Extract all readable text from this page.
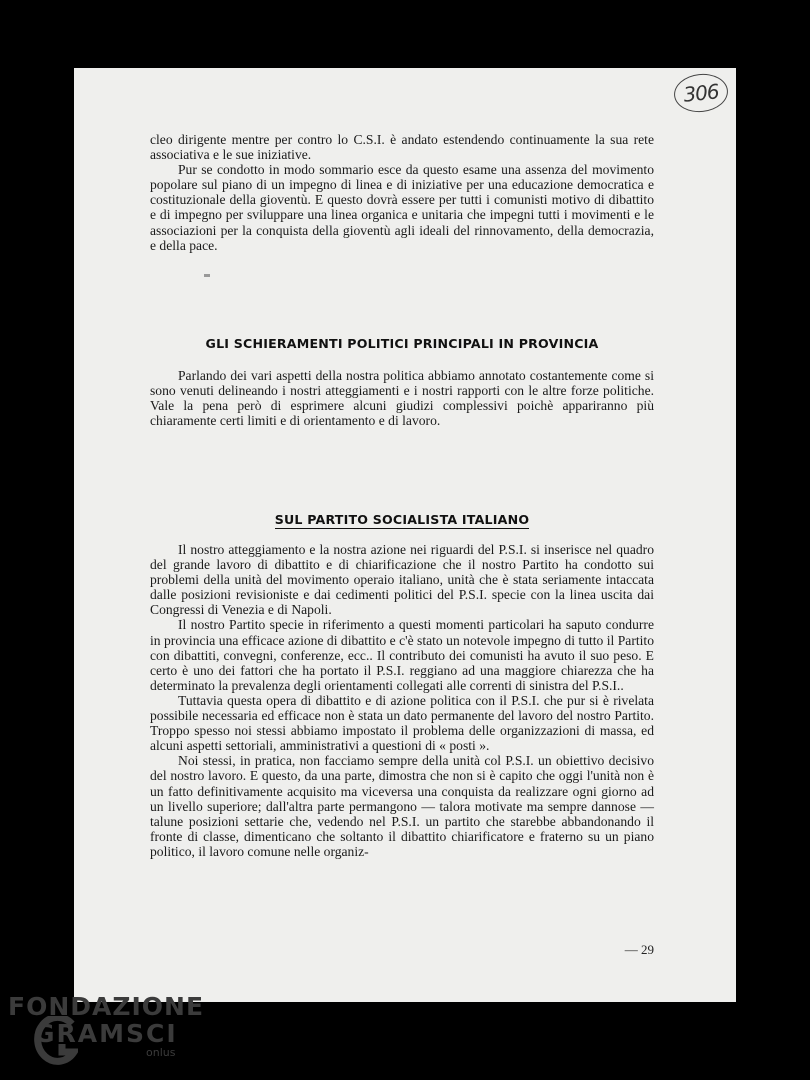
306

cleo dirigente mentre per contro lo C.S.I. è andato estendendo continuamente la sua rete associativa e le sue iniziative.

Pur se condotto in modo sommario esce da questo esame una assenza del movimento popolare sul piano di un impegno di linea e di iniziative per una educazione democratica e costituzionale della gioventù. E questo dovrà essere per tutti i comunisti motivo di dibattito e di impegno per sviluppare una linea organica e unitaria che impegni tutti i movimenti e le associazioni per la conquista della gioventù agli ideali del rinnovamento, della democrazia, e della pace.

GLI SCHIERAMENTI POLITICI PRINCIPALI IN PROVINCIA

Parlando dei vari aspetti della nostra politica abbiamo annotato costantemente come si sono venuti delineando i nostri atteggiamenti e i nostri rapporti con le altre forze politiche. Vale la pena però di esprimere alcuni giudizi complessivi poichè appariranno più chiaramente certi limiti e di orientamento e di lavoro.

SUL PARTITO SOCIALISTA ITALIANO

Il nostro atteggiamento e la nostra azione nei riguardi del P.S.I. si inserisce nel quadro del grande lavoro di dibattito e di chiarificazione che il nostro Partito ha condotto sui problemi della unità del movimento operaio italiano, unità che è stata seriamente intaccata dalle posizioni revisioniste e dai cedimenti politici del P.S.I. specie con la linea uscita dai Congressi di Venezia e di Napoli.

Il nostro Partito specie in riferimento a questi momenti particolari ha saputo condurre in provincia una efficace azione di dibattito e c'è stato un notevole impegno di tutto il Partito con dibattiti, convegni, conferenze, ecc.. Il contributo dei comunisti ha avuto il suo peso. E certo è uno dei fattori che ha portato il P.S.I. reggiano ad una maggiore chiarezza che ha determinato la prevalenza degli orientamenti collegati alle correnti di sinistra del P.S.I..

Tuttavia questa opera di dibattito e di azione politica con il P.S.I. che pur si è rivelata possibile necessaria ed efficace non è stata un dato permanente del lavoro del nostro Partito. Troppo spesso noi stessi abbiamo impostato il problema delle organizzazioni di massa, ed alcuni aspetti settoriali, amministrativi a questioni di « posti ».

Noi stessi, in pratica, non facciamo sempre della unità col P.S.I. un obiettivo decisivo del nostro lavoro. E questo, da una parte, dimostra che non si è capito che oggi l'unità non è un fatto definitivamente acquisito ma viceversa una conquista da realizzare ogni giorno ad un livello superiore; dall'altra parte permangono — talora motivate ma sempre dannose — talune posizioni settarie che, vedendo nel P.S.I. un partito che starebbe abbandonando il fronte di classe, dimenticano che soltanto il dibattito chiarificatore e fraterno su un piano politico, il lavoro comune nelle organiz-

— 29
FONDAZIONE
GRAMSCI
onlus
